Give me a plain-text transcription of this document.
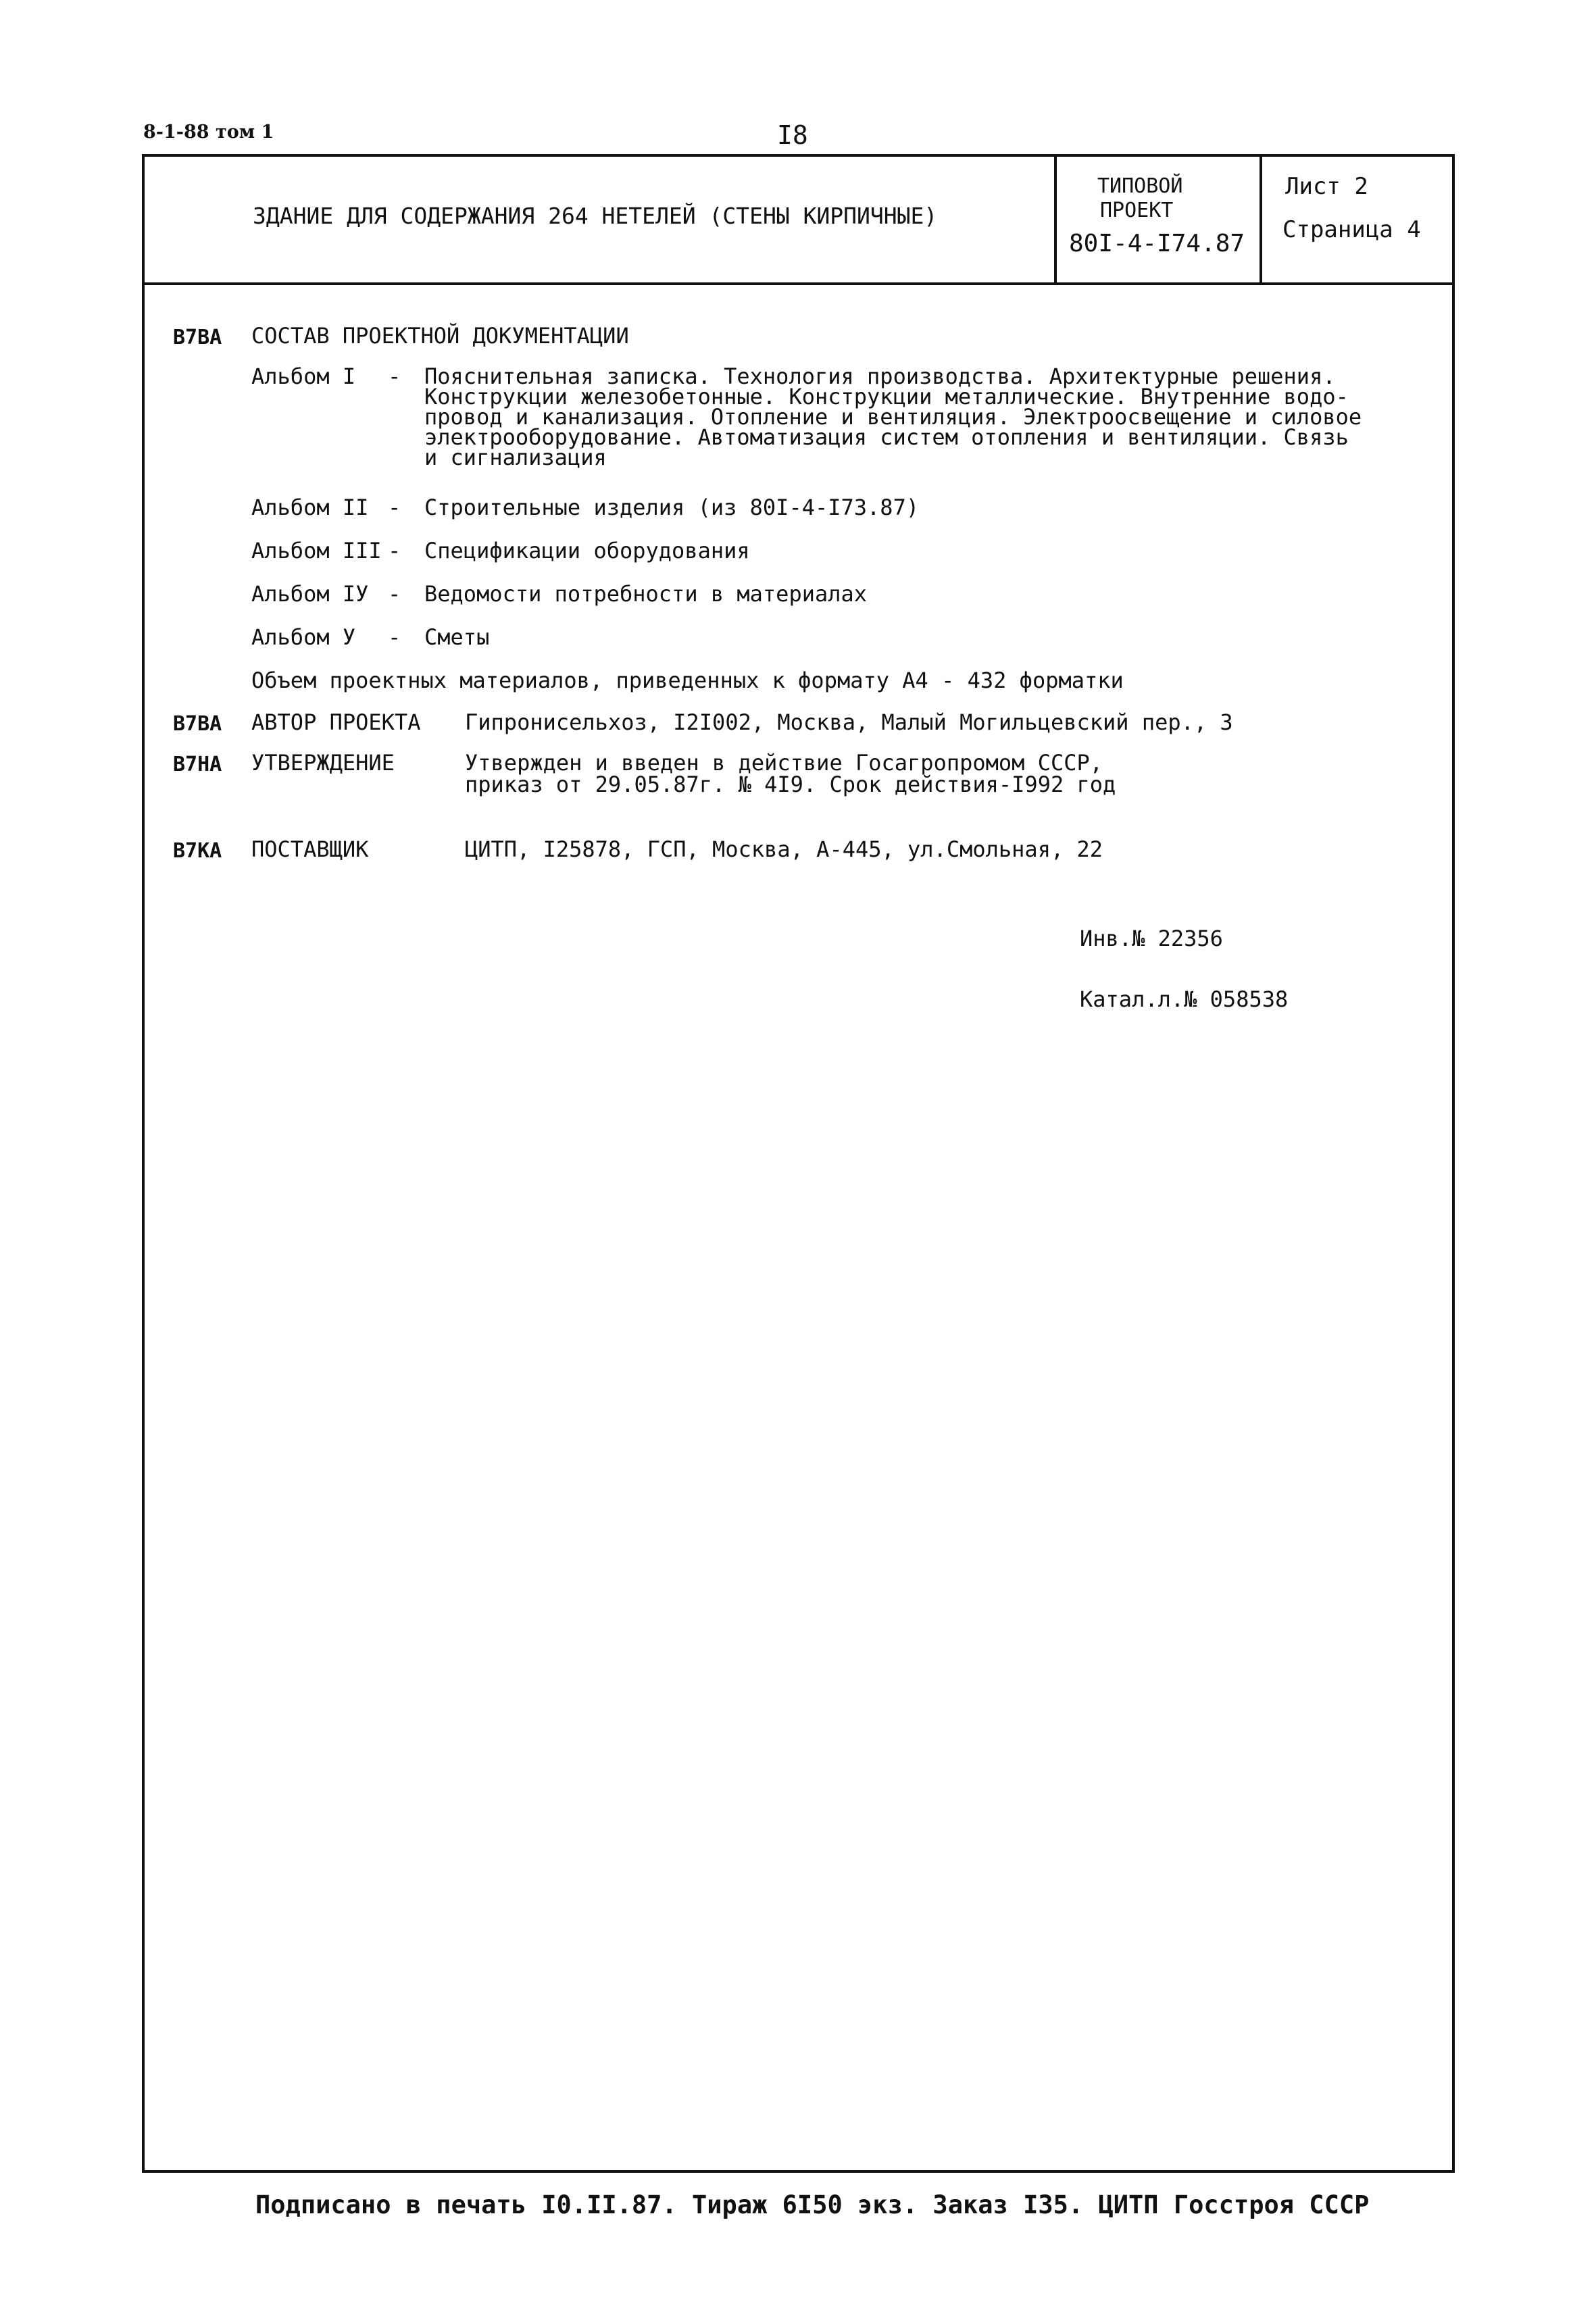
8-1-88 том 1	I8
ЗДАНИЕ ДЛЯ СОДЕРЖАНИЯ 264 НЕТЕЛЕЙ (СТЕНЫ КИРПИЧНЫЕ)
ТИПОВОЙ
ПРОЕКТ
80I-4-I74.87
Лист 2
Страница 4
В7ВА СОСТАВ ПРОЕКТНОЙ ДОКУМЕНТАЦИИ
Альбом I - Пояснительная записка. Технология производства. Архитектурные решения.
Конструкции железобетонные. Конструкции металлические. Внутренние водо-
провод и канализация. Отопление и вентиляция. Электроосвещение и силовое
электрооборудование. Автоматизация систем отопления и вентиляции. Связь
и сигнализация
Альбом II - Строительные изделия (из 80I-4-I73.87)
Альбом III - Спецификации оборудования
Альбом IУ - Ведомости потребности в материалах
Альбом У - Сметы
Объем проектных материалов, приведенных к формату А4 - 432 форматки
В7ВА АВТОР ПРОЕКТА Гипронисельхоз, I2I002, Москва, Малый Могильцевский пер., 3
В7НА УТВЕРЖДЕНИЕ	Утвержден и введен в действие Госагропромом СССР,
приказ от 29.05.87г. № 4I9. Срок действия-I992 год
В7КА ПОСТАВЩИК	ЦИТП, I25878, ГСП, Москва, А-445, ул.Смольная, 22
Инв.№ 22356
Катал.л.№ 058538
Подписано в печать I0.II.87. Тираж 6I50 экз. Заказ I35. ЦИТП Госстроя СССР
